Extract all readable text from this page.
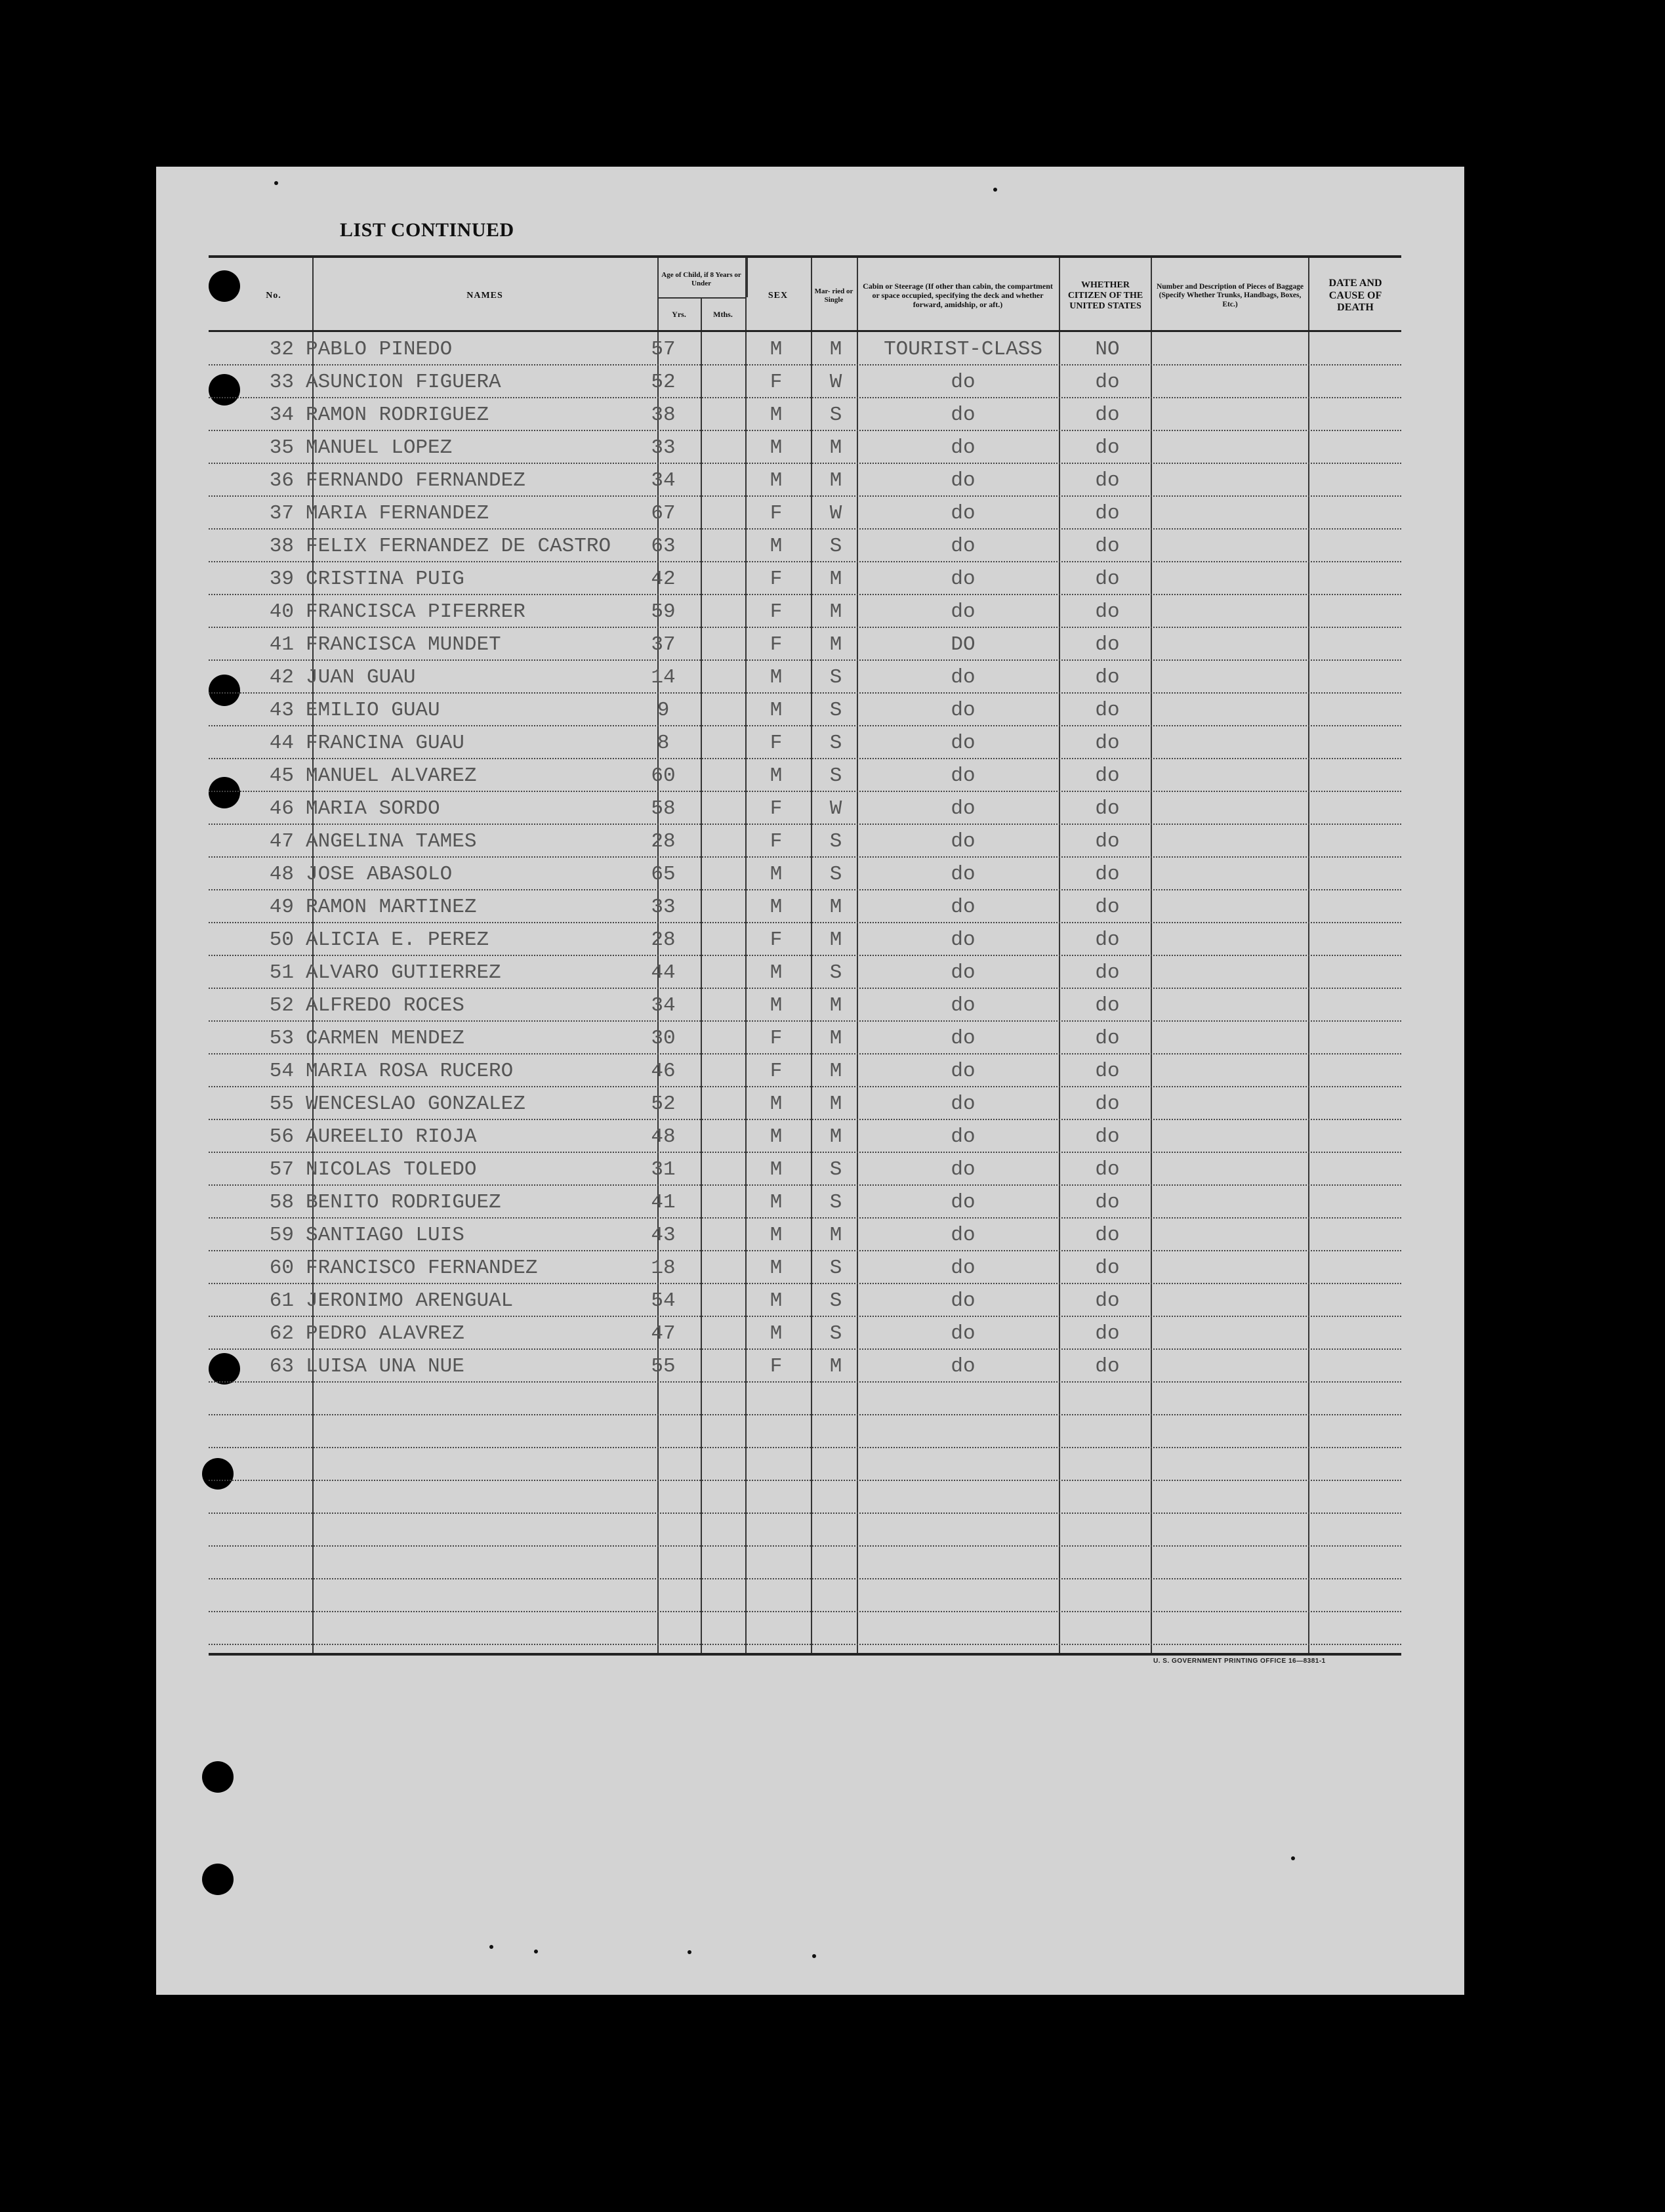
LIST CONTINUED
No.	NAMES
Age of Child, if 8 Years or Under
Yrs.	Mths.
SEX	Mar- ried or Single
Cabin or Steerage (If other than cabin, the compartment or space occupied, specifying the deck and whether forward, amidship, or aft.)
WHETHER CITIZEN OF THE UNITED STATES
Number and Description of Pieces of Baggage (Specify Whether Trunks, Handbags, Boxes, Etc.)
DATE AND CAUSE OF DEATH
32 PABLO PINEDO	57	M	M	TOURIST-CLASS	NO
33 ASUNCION FIGUERA	52	F	W	do	do
34 RAMON RODRIGUEZ	38	M	S	do	do
35 MANUEL LOPEZ	33	M	M	do	do
36 FERNANDO FERNANDEZ	34	M	M	do	do
37 MARIA FERNANDEZ	67	F	W	do	do
38 FELIX FERNANDEZ DE CASTRO	63	M	S	do	do
39 CRISTINA PUIG	42	F	M	do	do
40 FRANCISCA PIFERRER	59	F	M	do	do
41 FRANCISCA MUNDET	37	F	M	DO	do
42 JUAN GUAU	14	M	S	do	do
43 EMILIO GUAU	9	M	S	do	do
44 FRANCINA GUAU	8	F	S	do	do
45 MANUEL ALVAREZ	60	M	S	do	do
46 MARIA SORDO	58	F	W	do	do
47 ANGELINA TAMES	28	F	S	do	do
48 JOSE ABASOLO	65	M	S	do	do
49 RAMON MARTINEZ	33	M	M	do	do
50 ALICIA E. PEREZ	28	F	M	do	do
51 ALVARO GUTIERREZ	44	M	S	do	do
52 ALFREDO ROCES	34	M	M	do	do
53 CARMEN MENDEZ	30	F	M	do	do
54 MARIA ROSA RUCERO	46	F	M	do	do
55 WENCESLAO GONZALEZ	52	M	M	do	do
56 AUREELIO RIOJA	48	M	M	do	do
57 NICOLAS TOLEDO	31	M	S	do	do
58 BENITO RODRIGUEZ	41	M	S	do	do
59 SANTIAGO LUIS	43	M	M	do	do
60 FRANCISCO FERNANDEZ	18	M	S	do	do
61 JERONIMO ARENGUAL	54	M	S	do	do
62 PEDRO ALAVREZ	47	M	S	do	do
63 LUISA UNA NUE	55	F	M	do	do
U. S. GOVERNMENT PRINTING OFFICE 16—8381-1
